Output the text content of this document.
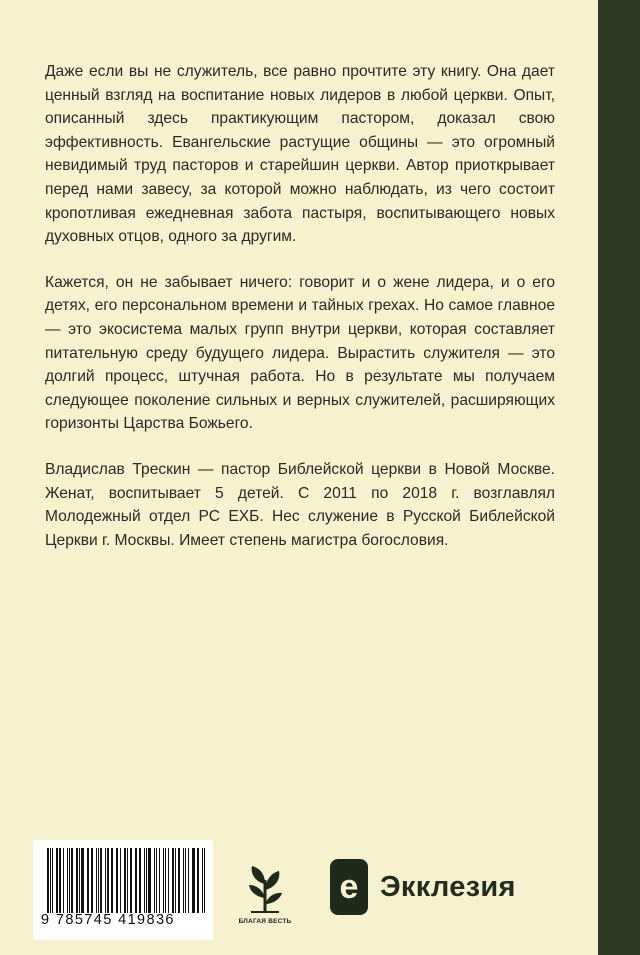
Даже если вы не служитель, все равно прочтите эту книгу. Она дает ценный взгляд на воспитание новых лидеров в любой церкви. Опыт, описанный здесь практикующим пастором, доказал свою эффективность. Евангельские растущие общины — это огромный невидимый труд пасторов и старейшин церкви. Автор приоткрывает перед нами завесу, за которой можно наблюдать, из чего состоит кропотливая ежедневная забота пастыря, воспитывающего новых духовных отцов, одного за другим.

Кажется, он не забывает ничего: говорит и о жене лидера, и о его детях, его персональном времени и тайных грехах. Но самое главное — это экосистема малых групп внутри церкви, которая составляет питательную среду будущего лидера. Вырастить служителя — это долгий процесс, штучная работа. Но в результате мы получаем следующее поколение сильных и верных служителей, расширяющих горизонты Царства Божьего.

Владислав Трескин — пастор Библейской церкви в Новой Москве. Женат, воспитывает 5 детей. С 2011 по 2018 г. возглавлял Молодежный отдел РС ЕХБ. Нес служение в Русской Библейской Церкви г. Москвы. Имеет степень магистра богословия.

9 785745 419836	БЛАГАЯ ВЕСТЬ
e Экклезия
